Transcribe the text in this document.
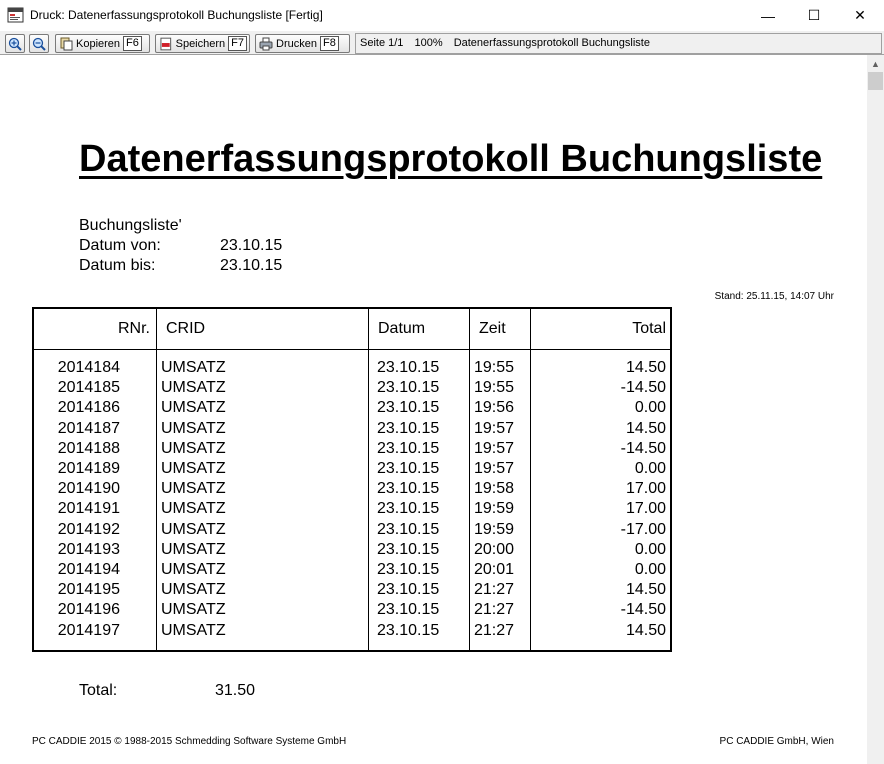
Druck: Datenerfassungsprotokoll Buchungsliste [Fertig]	— ☐ ✕
Kopieren F6	Speichern F7	Drucken F8	Seite 1/1 100% Datenerfassungsprotokoll Buchungsliste
▲
Datenerfassungsprotokoll Buchungsliste
Buchungsliste'
Datum von:	23.10.15
Datum bis:	23.10.15
Stand: 25.11.15, 14:07 Uhr
RNr. CRID	Datum	Zeit	Total
2014184	UMSATZ	23.10.15 19:55	14.50
2014185	UMSATZ	23.10.15 19:55	-14.50
2014186	UMSATZ	23.10.15 19:56	0.00
2014187	UMSATZ	23.10.15 19:57	14.50
2014188	UMSATZ	23.10.15 19:57	-14.50
2014189	UMSATZ	23.10.15 19:57	0.00
2014190	UMSATZ	23.10.15 19:58	17.00
2014191	UMSATZ	23.10.15 19:59	17.00
2014192	UMSATZ	23.10.15 19:59	-17.00
2014193	UMSATZ	23.10.15 20:00	0.00
2014194	UMSATZ	23.10.15 20:01	0.00
2014195	UMSATZ	23.10.15 21:27	14.50
2014196	UMSATZ	23.10.15 21:27	-14.50
2014197	UMSATZ	23.10.15 21:27	14.50
Total:	31.50
PC CADDIE 2015 © 1988-2015 Schmedding Software Systeme GmbH	PC CADDIE GmbH, Wien
